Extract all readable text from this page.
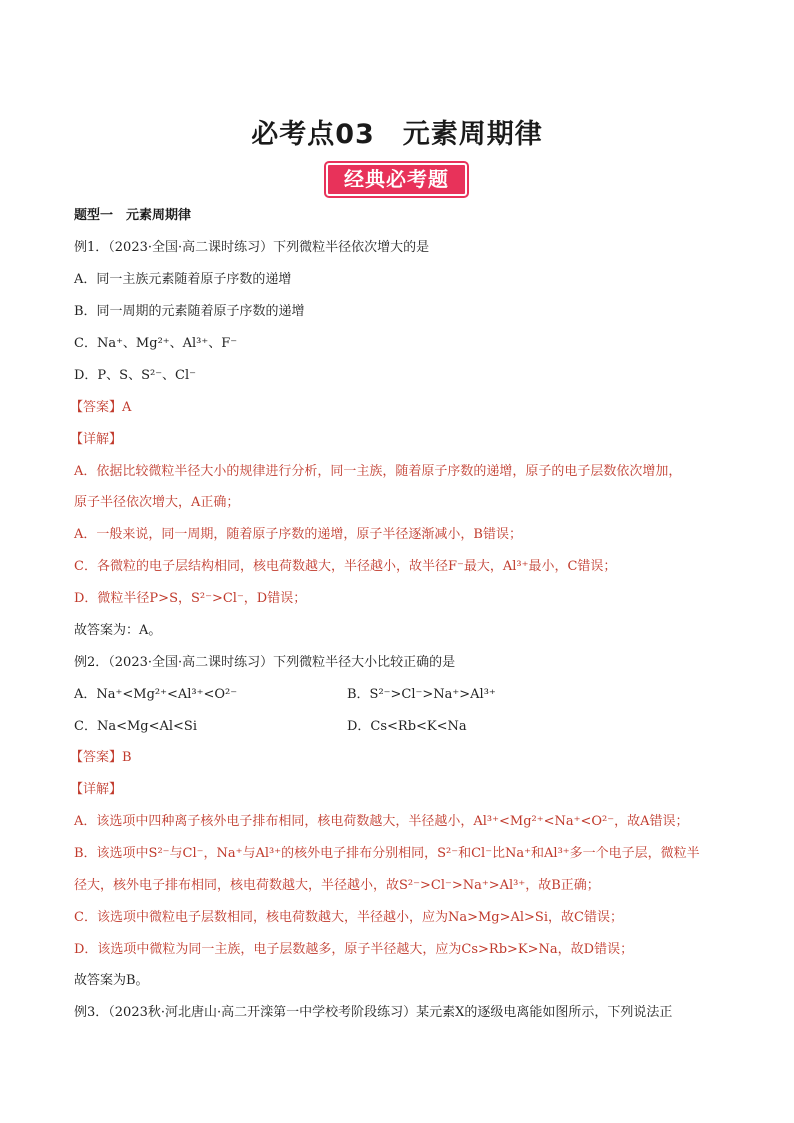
必考点03　元素周期律
经典必考题
题型一　元素周期律
例1．（2023·全国·高二课时练习）下列微粒半径依次增大的是
A．同一主族元素随着原子序数的递增
B．同一周期的元素随着原子序数的递增
C．Na⁺、Mg²⁺、Al³⁺、F⁻
D．P、S、S²⁻、Cl⁻
【答案】A
【详解】
A．依据比较微粒半径大小的规律进行分析，同一主族，随着原子序数的递增，原子的电子层数依次增加，
原子半径依次增大，A正确；
A．一般来说，同一周期，随着原子序数的递增，原子半径逐渐减小，B错误；
C．各微粒的电子层结构相同，核电荷数越大，半径越小，故半径F⁻最大，Al³⁺最小，C错误；
D．微粒半径P>S，S²⁻>Cl⁻，D错误；
故答案为：A。
例2．（2023·全国·高二课时练习）下列微粒半径大小比较正确的是
A．Na⁺<Mg²⁺<Al³⁺<O²⁻	B．S²⁻>Cl⁻>Na⁺>Al³⁺
C．Na<Mg<Al<Si	D．Cs<Rb<K<Na
【答案】B
【详解】
A．该选项中四种离子核外电子排布相同，核电荷数越大，半径越小，Al³⁺<Mg²⁺<Na⁺<O²⁻，故A错误；
B．该选项中S²⁻与Cl⁻，Na⁺与Al³⁺的核外电子排布分别相同，S²⁻和Cl⁻比Na⁺和Al³⁺多一个电子层，微粒半
径大，核外电子排布相同，核电荷数越大，半径越小，故S²⁻>Cl⁻>Na⁺>Al³⁺，故B正确；
C．该选项中微粒电子层数相同，核电荷数越大，半径越小，应为Na>Mg>Al>Si，故C错误；
D．该选项中微粒为同一主族，电子层数越多，原子半径越大，应为Cs>Rb>K>Na，故D错误；
故答案为B。
例3．（2023秋·河北唐山·高二开滦第一中学校考阶段练习）某元素X的逐级电离能如图所示，下列说法正
